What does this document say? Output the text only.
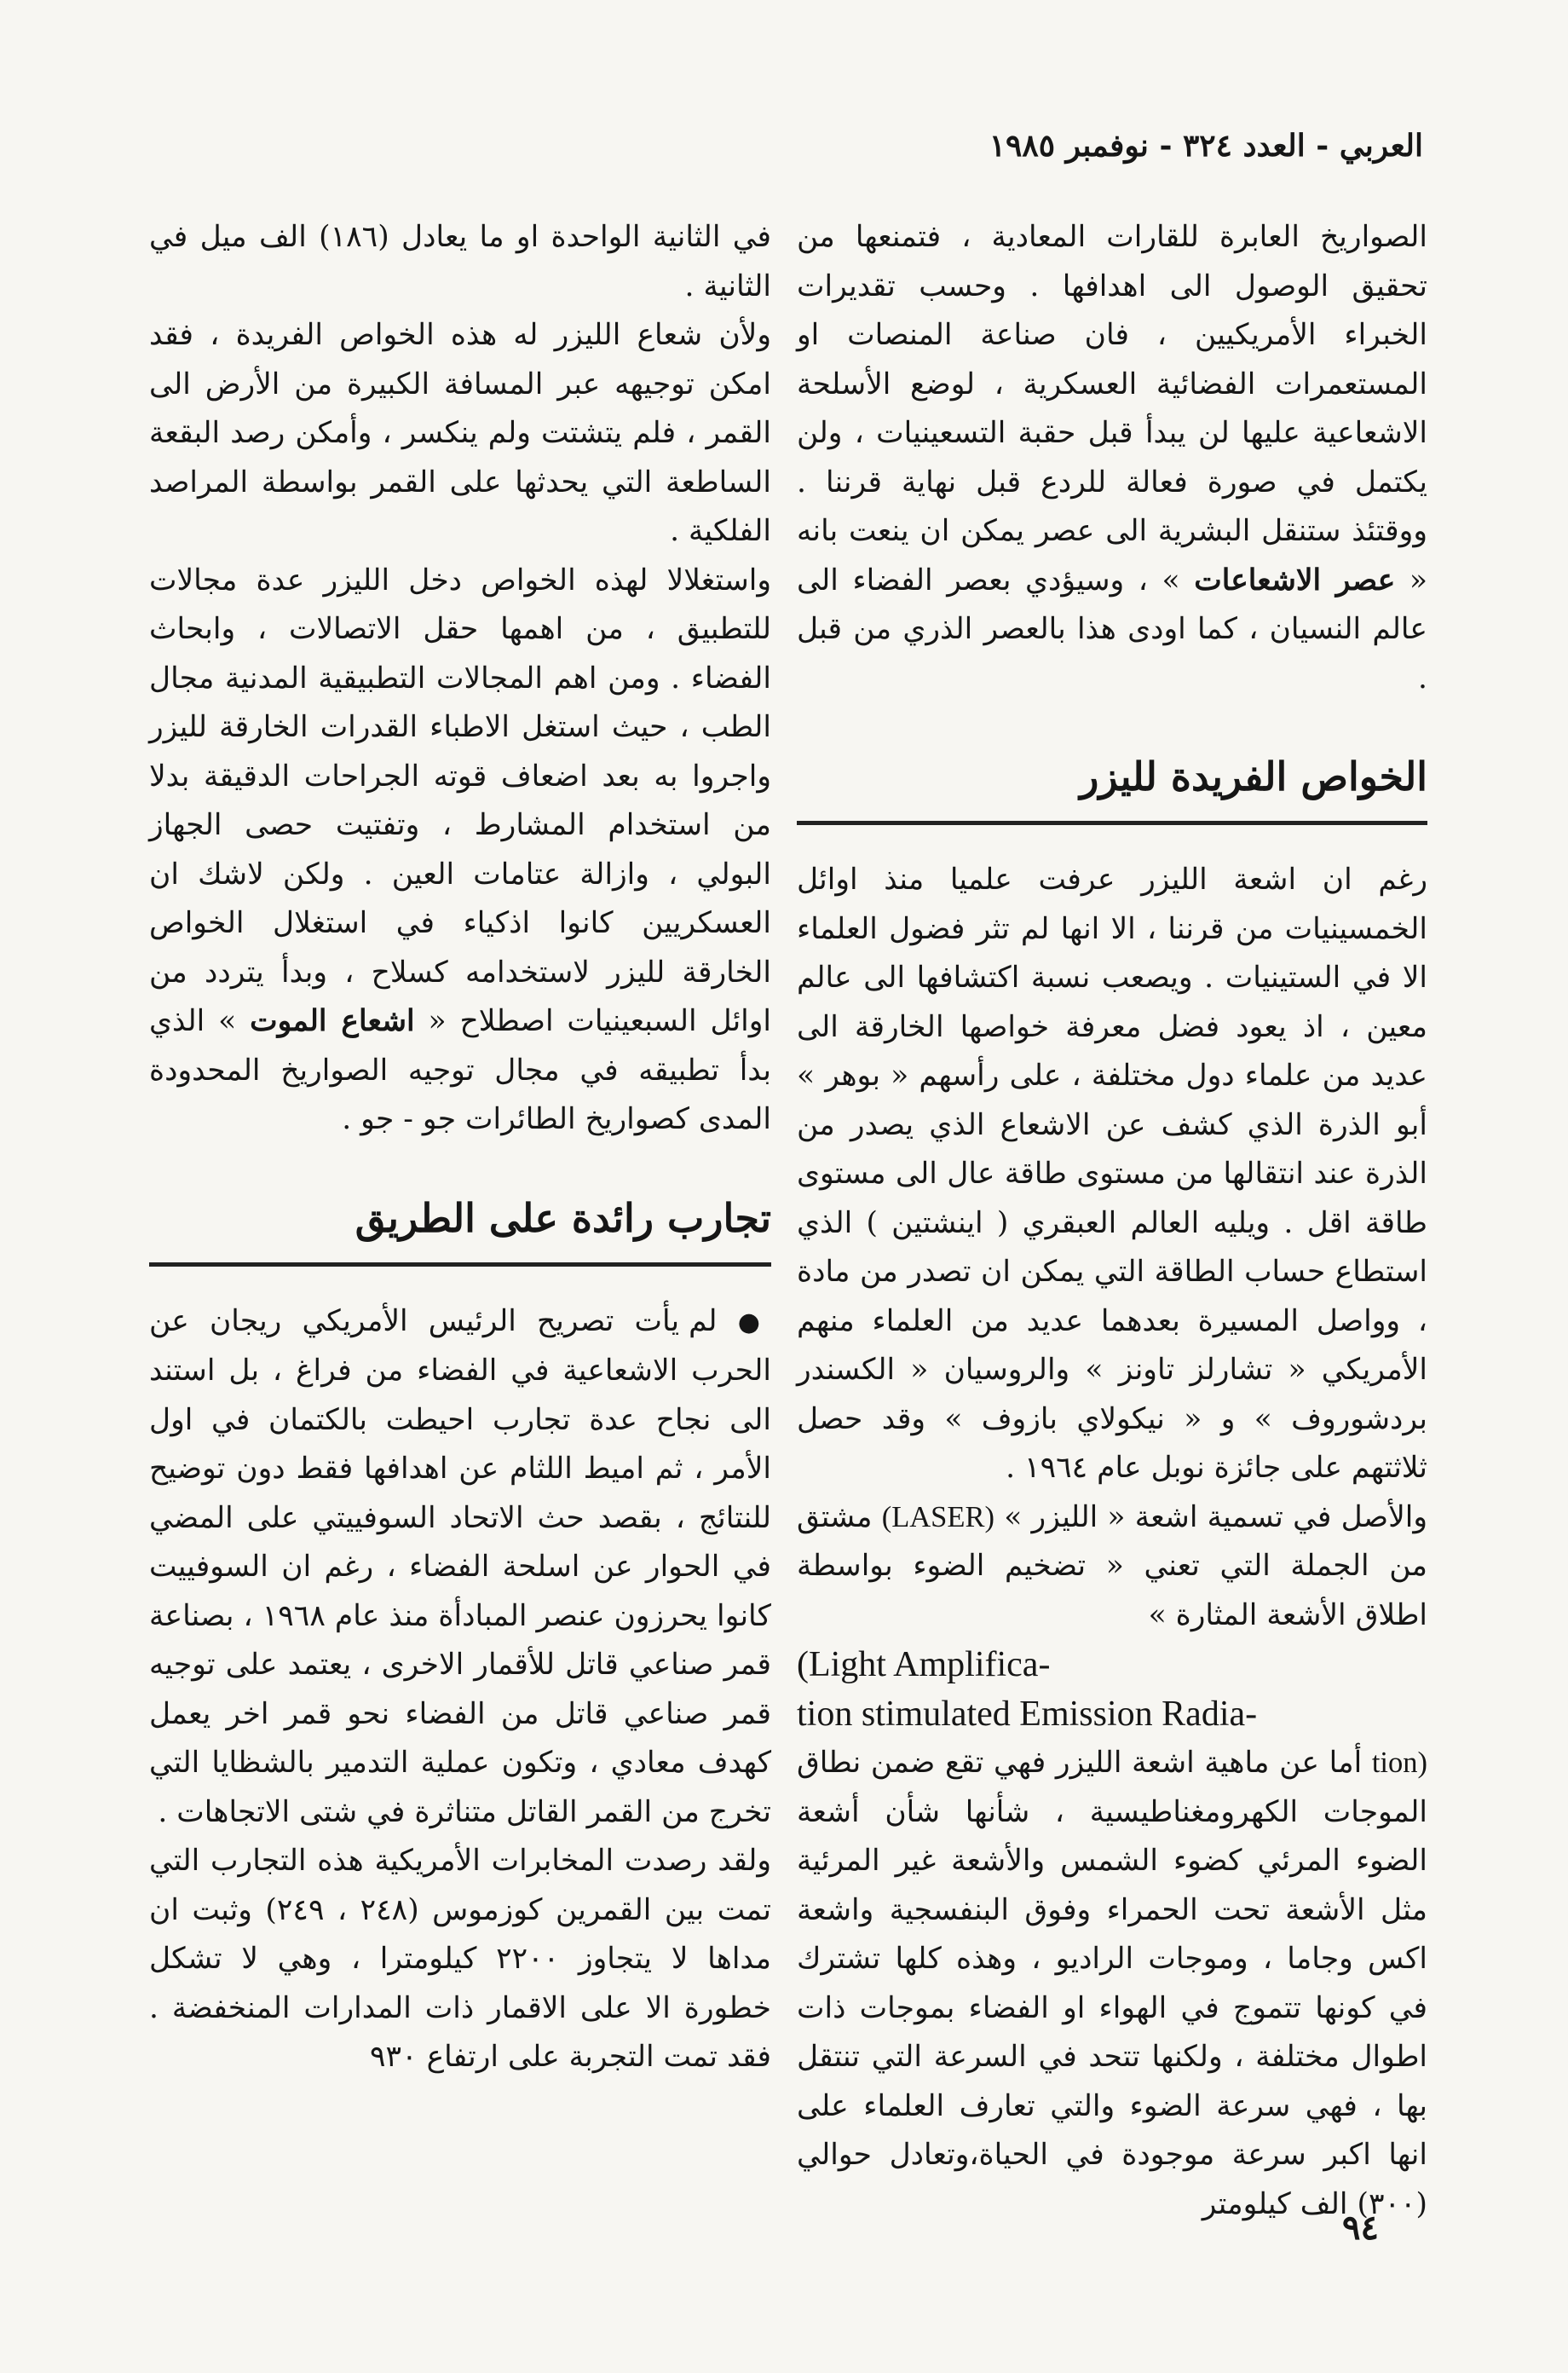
العربي - العدد ٣٢٤ - نوفمبر ١٩٨٥

الصواريخ العابرة للقارات المعادية ، فتمنعها من تحقيق الوصول الى اهدافها . وحسب تقديرات الخبراء الأمريكيين ، فان صناعة المنصات او المستعمرات الفضائية العسكرية ، لوضع الأسلحة الاشعاعية عليها لن يبدأ قبل حقبة التسعينيات ، ولن يكتمل في صورة فعالة للردع قبل نهاية قرننا . ووقتئذ ستنقل البشرية الى عصر يمكن ان ينعت بانه « عصر الاشعاعات » ، وسيؤدي بعصر الفضاء الى عالم النسيان ، كما اودى هذا بالعصر الذري من قبل .

الخواص الفريدة لليزر

رغم ان اشعة الليزر عرفت علميا منذ اوائل الخمسينيات من قرننا ، الا انها لم تثر فضول العلماء الا في الستينيات . ويصعب نسبة اكتشافها الى عالم معين ، اذ يعود فضل معرفة خواصها الخارقة الى عديد من علماء دول مختلفة ، على رأسهم « بوهر » أبو الذرة الذي كشف عن الاشعاع الذي يصدر من الذرة عند انتقالها من مستوى طاقة عال الى مستوى طاقة اقل . ويليه العالم العبقري ( اينشتين ) الذي استطاع حساب الطاقة التي يمكن ان تصدر من مادة ، وواصل المسيرة بعدهما عديد من العلماء منهم الأمريكي « تشارلز تاونز » والروسيان « الكسندر بردشوروف » و « نيكولاي بازوف » وقد حصل ثلاثتهم على جائزة نوبل عام ١٩٦٤ .

والأصل في تسمية اشعة « الليزر » (LASER) مشتق من الجملة التي تعني « تضخيم الضوء بواسطة اطلاق الأشعة المثارة »

(Light Amplifica-
tion stimulated Emission Radia-

tion) أما عن ماهية اشعة الليزر فهي تقع ضمن نطاق الموجات الكهرومغناطيسية ، شأنها شأن أشعة الضوء المرئي كضوء الشمس والأشعة غير المرئية مثل الأشعة تحت الحمراء وفوق البنفسجية واشعة اكس وجاما ، وموجات الراديو ، وهذه كلها تشترك في كونها تتموج في الهواء او الفضاء بموجات ذات اطوال مختلفة ، ولكنها تتحد في السرعة التي تنتقل بها ، فهي سرعة الضوء والتي تعارف العلماء على انها اكبر سرعة موجودة في الحياة،وتعادل حوالي (٣٠٠) الف كيلومتر

في الثانية الواحدة او ما يعادل (١٨٦) الف ميل في الثانية .

ولأن شعاع الليزر له هذه الخواص الفريدة ، فقد امكن توجيهه عبر المسافة الكبيرة من الأرض الى القمر ، فلم يتشتت ولم ينكسر ، وأمكن رصد البقعة الساطعة التي يحدثها على القمر بواسطة المراصد الفلكية .

واستغلالا لهذه الخواص دخل الليزر عدة مجالات للتطبيق ، من اهمها حقل الاتصالات ، وابحاث الفضاء . ومن اهم المجالات التطبيقية المدنية مجال الطب ، حيث استغل الاطباء القدرات الخارقة لليزر واجروا به بعد اضعاف قوته الجراحات الدقيقة بدلا من استخدام المشارط ، وتفتيت حصى الجهاز البولي ، وازالة عتامات العين . ولكن لاشك ان العسكريين كانوا اذكياء في استغلال الخواص الخارقة لليزر لاستخدامه كسلاح ، وبدأ يتردد من اوائل السبعينيات اصطلاح « اشعاع الموت » الذي بدأ تطبيقه في مجال توجيه الصواريخ المحدودة المدى كصواريخ الطائرات جو - جو .

تجارب رائدة على الطريق

● لم يأت تصريح الرئيس الأمريكي ريجان عن الحرب الاشعاعية في الفضاء من فراغ ، بل استند الى نجاح عدة تجارب احيطت بالكتمان في اول الأمر ، ثم اميط اللثام عن اهدافها فقط دون توضيح للنتائج ، بقصد حث الاتحاد السوفييتي على المضي في الحوار عن اسلحة الفضاء ، رغم ان السوفييت كانوا يحرزون عنصر المبادأة منذ عام ١٩٦٨ ، بصناعة قمر صناعي قاتل للأقمار الاخرى ، يعتمد على توجيه قمر صناعي قاتل من الفضاء نحو قمر اخر يعمل كهدف معادي ، وتكون عملية التدمير بالشظايا التي تخرج من القمر القاتل متناثرة في شتى الاتجاهات .

ولقد رصدت المخابرات الأمريكية هذه التجارب التي تمت بين القمرين كوزموس (٢٤٨ ، ٢٤٩) وثبت ان مداها لا يتجاوز ٢٢٠٠ كيلومترا ، وهي لا تشكل خطورة الا على الاقمار ذات المدارات المنخفضة . فقد تمت التجربة على ارتفاع ٩٣٠

٩٤
